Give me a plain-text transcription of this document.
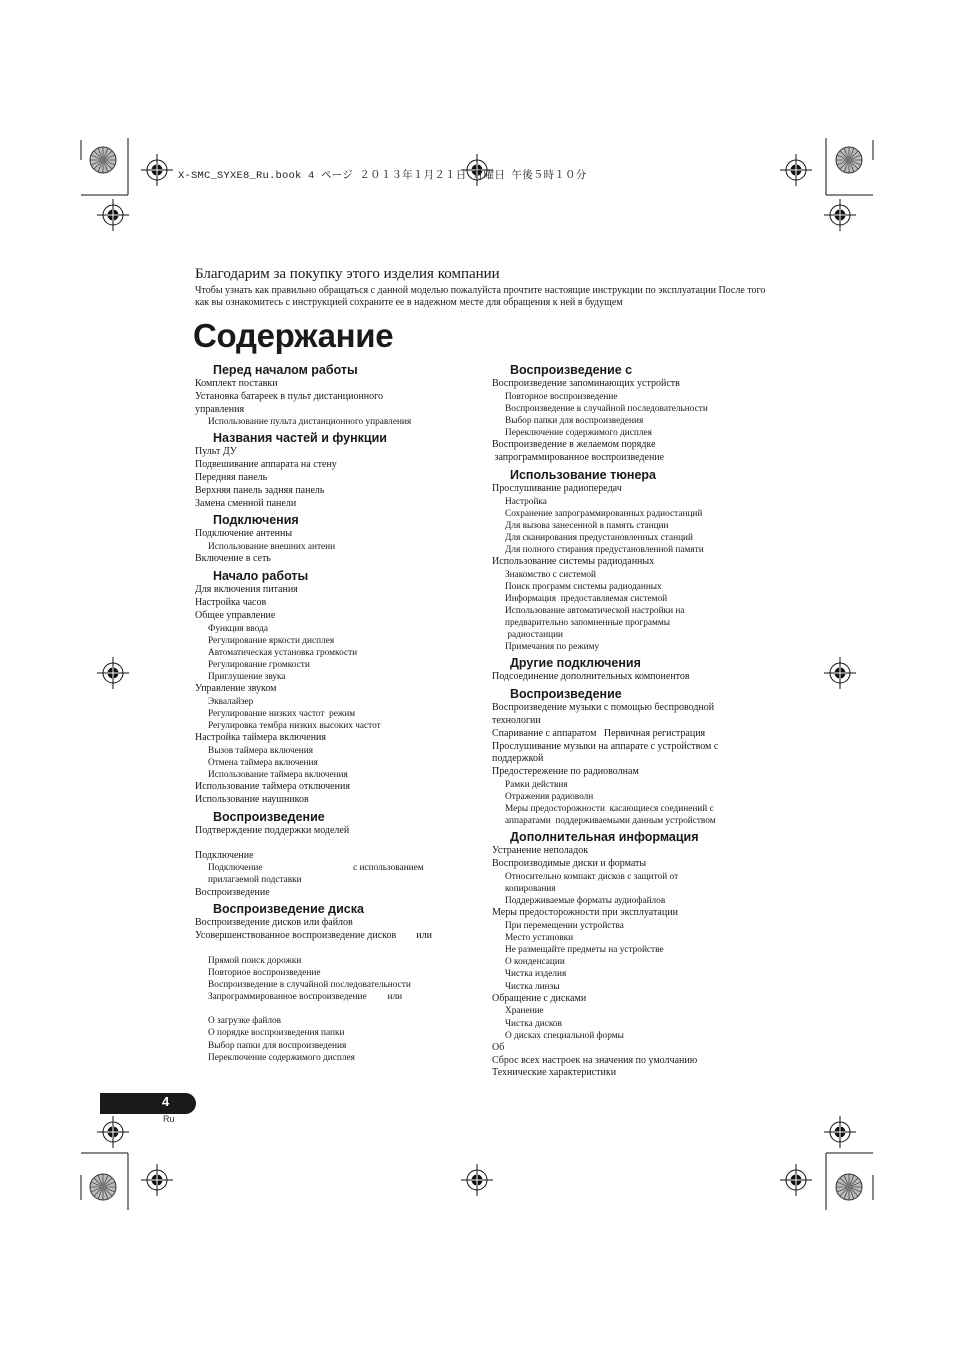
X-SMC_SYXE8_Ru.book 4 ページ ２０１３年１月２１日 月曜日 午後５時１０分
Благодарим за покупку этого изделия компании
Чтобы узнать как правильно обращаться с данной моделью пожалуйста прочтите настоящие инструкции по эксплуатации После того как вы ознакомитесь с инструкцией сохраните ее в надежном месте для обращения к ней в будущем
Содержание
Перед началом работы
Комплект поставки
Установка батареек в пульт дистанционного
управления
Использование пульта дистанционного управления
Названия частей и функции
Пульт ДУ
Подвешивание аппарата на стену
Передняя панель
Верхняя панель задняя панель
Замена сменной панели
Подключения
Подключение антенны
Использование внешних антенн
Включение в сеть
Начало работы
Для включения питания
Настройка часов
Общее управление
Функция ввода
Регулирование яркости дисплея
Автоматическая установка громкости
Регулирование громкости
Приглушение звука
Управление звуком
Эквалайзер
Регулирование низких частот  режим
Регулировка тембра низких высоких частот
Настройка таймера включения
Вызов таймера включения
Отмена таймера включения
Использование таймера включения
Использование таймера отключения
Использование наушников
Воспроизведение
Подтверждение поддержки моделей
Подключение
Подключение                                       с использованием
прилагаемой подставки
Воспроизведение
Воспроизведение диска
Воспроизведение дисков или файлов
Усовершенствованное воспроизведение дисков        или
Прямой поиск дорожки
Повторное воспроизведение
Воспроизведение в случайной последовательности
Запрограммированное воспроизведение         или
О загрузке файлов
О порядке воспроизведения папки
Выбор папки для воспроизведения
Переключение содержимого дисплея
Воспроизведение с
Воспроизведение запоминающих устройств
Повторное воспроизведение
Воспроизведение в случайной последовательности
Выбор папки для воспроизведения
Переключение содержимого дисплея
Воспроизведение в желаемом порядке
запрограммированное воспроизведение
Использование тюнера
Прослушивание радиопередач
Настройка
Сохранение запрограммированных радиостанций
Для вызова занесенной в память станции
Для сканирования предустановленных станций
Для полного стирания предустановленной памяти
Использование системы радиоданных
Знакомство с системой
Поиск программ системы радиоданных
Информация  предоставляемая системой
Использование автоматической настройки на
предварительно запомненные программы
радиостанции
Примечания по режиму
Другие подключения
Подсоединение дополнительных компонентов
Воспроизведение
Воспроизведение музыки с помощью беспроводной
технологии
Спаривание с аппаратом   Первичная регистрация
Прослушивание музыки на аппарате с устройством с
поддержкой
Предостережение по радиоволнам
Рамки действия
Отражения радиоволн
Меры предосторожности  касающиеся соединений с
аппаратами  поддерживаемыми данным устройством
Дополнительная информация
Устранение неполадок
Воспроизводимые диски и форматы
Относительно компакт дисков с защитой от
копирования
Поддерживаемые форматы аудиофайлов
Меры предосторожности при эксплуатации
При перемещении устройства
Место установки
Не размещайте предметы на устройстве
О конденсации
Чистка изделия
Чистка линзы
Обращение с дисками
Хранение
Чистка дисков
О дисках специальной формы
Об
Сброс всех настроек на значения по умолчанию
Технические характеристики
4
Ru
